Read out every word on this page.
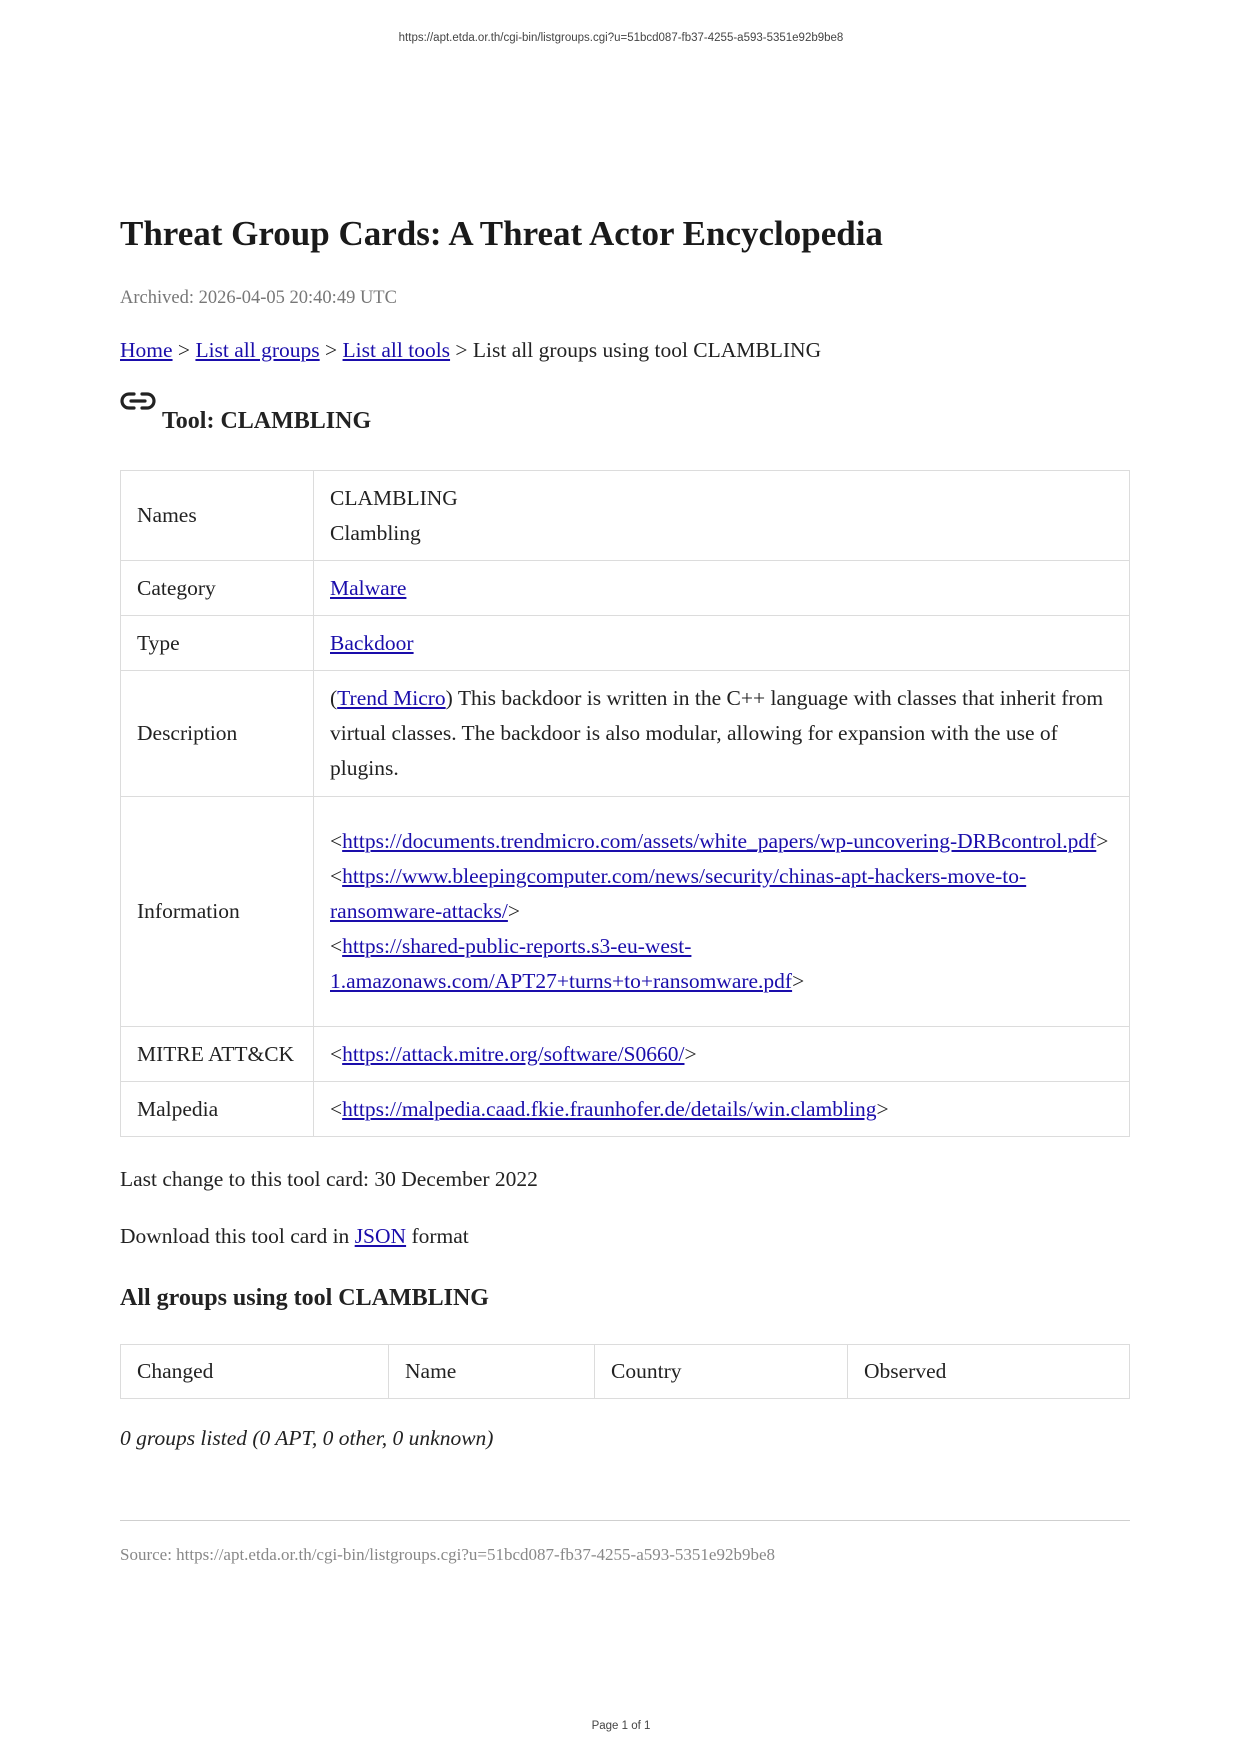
https://apt.etda.or.th/cgi-bin/listgroups.cgi?u=51bcd087-fb37-4255-a593-5351e92b9be8
Threat Group Cards: A Threat Actor Encyclopedia
Archived: 2026-04-05 20:40:49 UTC
Home > List all groups > List all tools > List all groups using tool CLAMBLING
Tool: CLAMBLING
Names	CLAMBLING
Clambling

Category	Malware
Type	Backdoor
Description	(Trend Micro) This backdoor is written in the C++ language with classes that inherit from virtual classes. The backdoor is also modular, allowing for expansion with the use of plugins.
Information	<https://documents.trendmicro.com/assets/white_papers/wp-uncovering-DRBcontrol.pdf>
<https://www.bleepingcomputer.com/news/security/chinas-apt-hackers-move-to-ransomware-attacks/>
<https://shared-public-reports.s3-eu-west-1.amazonaws.com/APT27+turns+to+ransomware.pdf>

MITRE ATT&CK	<https://attack.mitre.org/software/S0660/>
Malpedia	<https://malpedia.caad.fkie.fraunhofer.de/details/win.clambling>
Last change to this tool card: 30 December 2022
Download this tool card in JSON format
All groups using tool CLAMBLING
Changed	Name	Country	Observed
0 groups listed (0 APT, 0 other, 0 unknown)
Source: https://apt.etda.or.th/cgi-bin/listgroups.cgi?u=51bcd087-fb37-4255-a593-5351e92b9be8
Page 1 of 1
